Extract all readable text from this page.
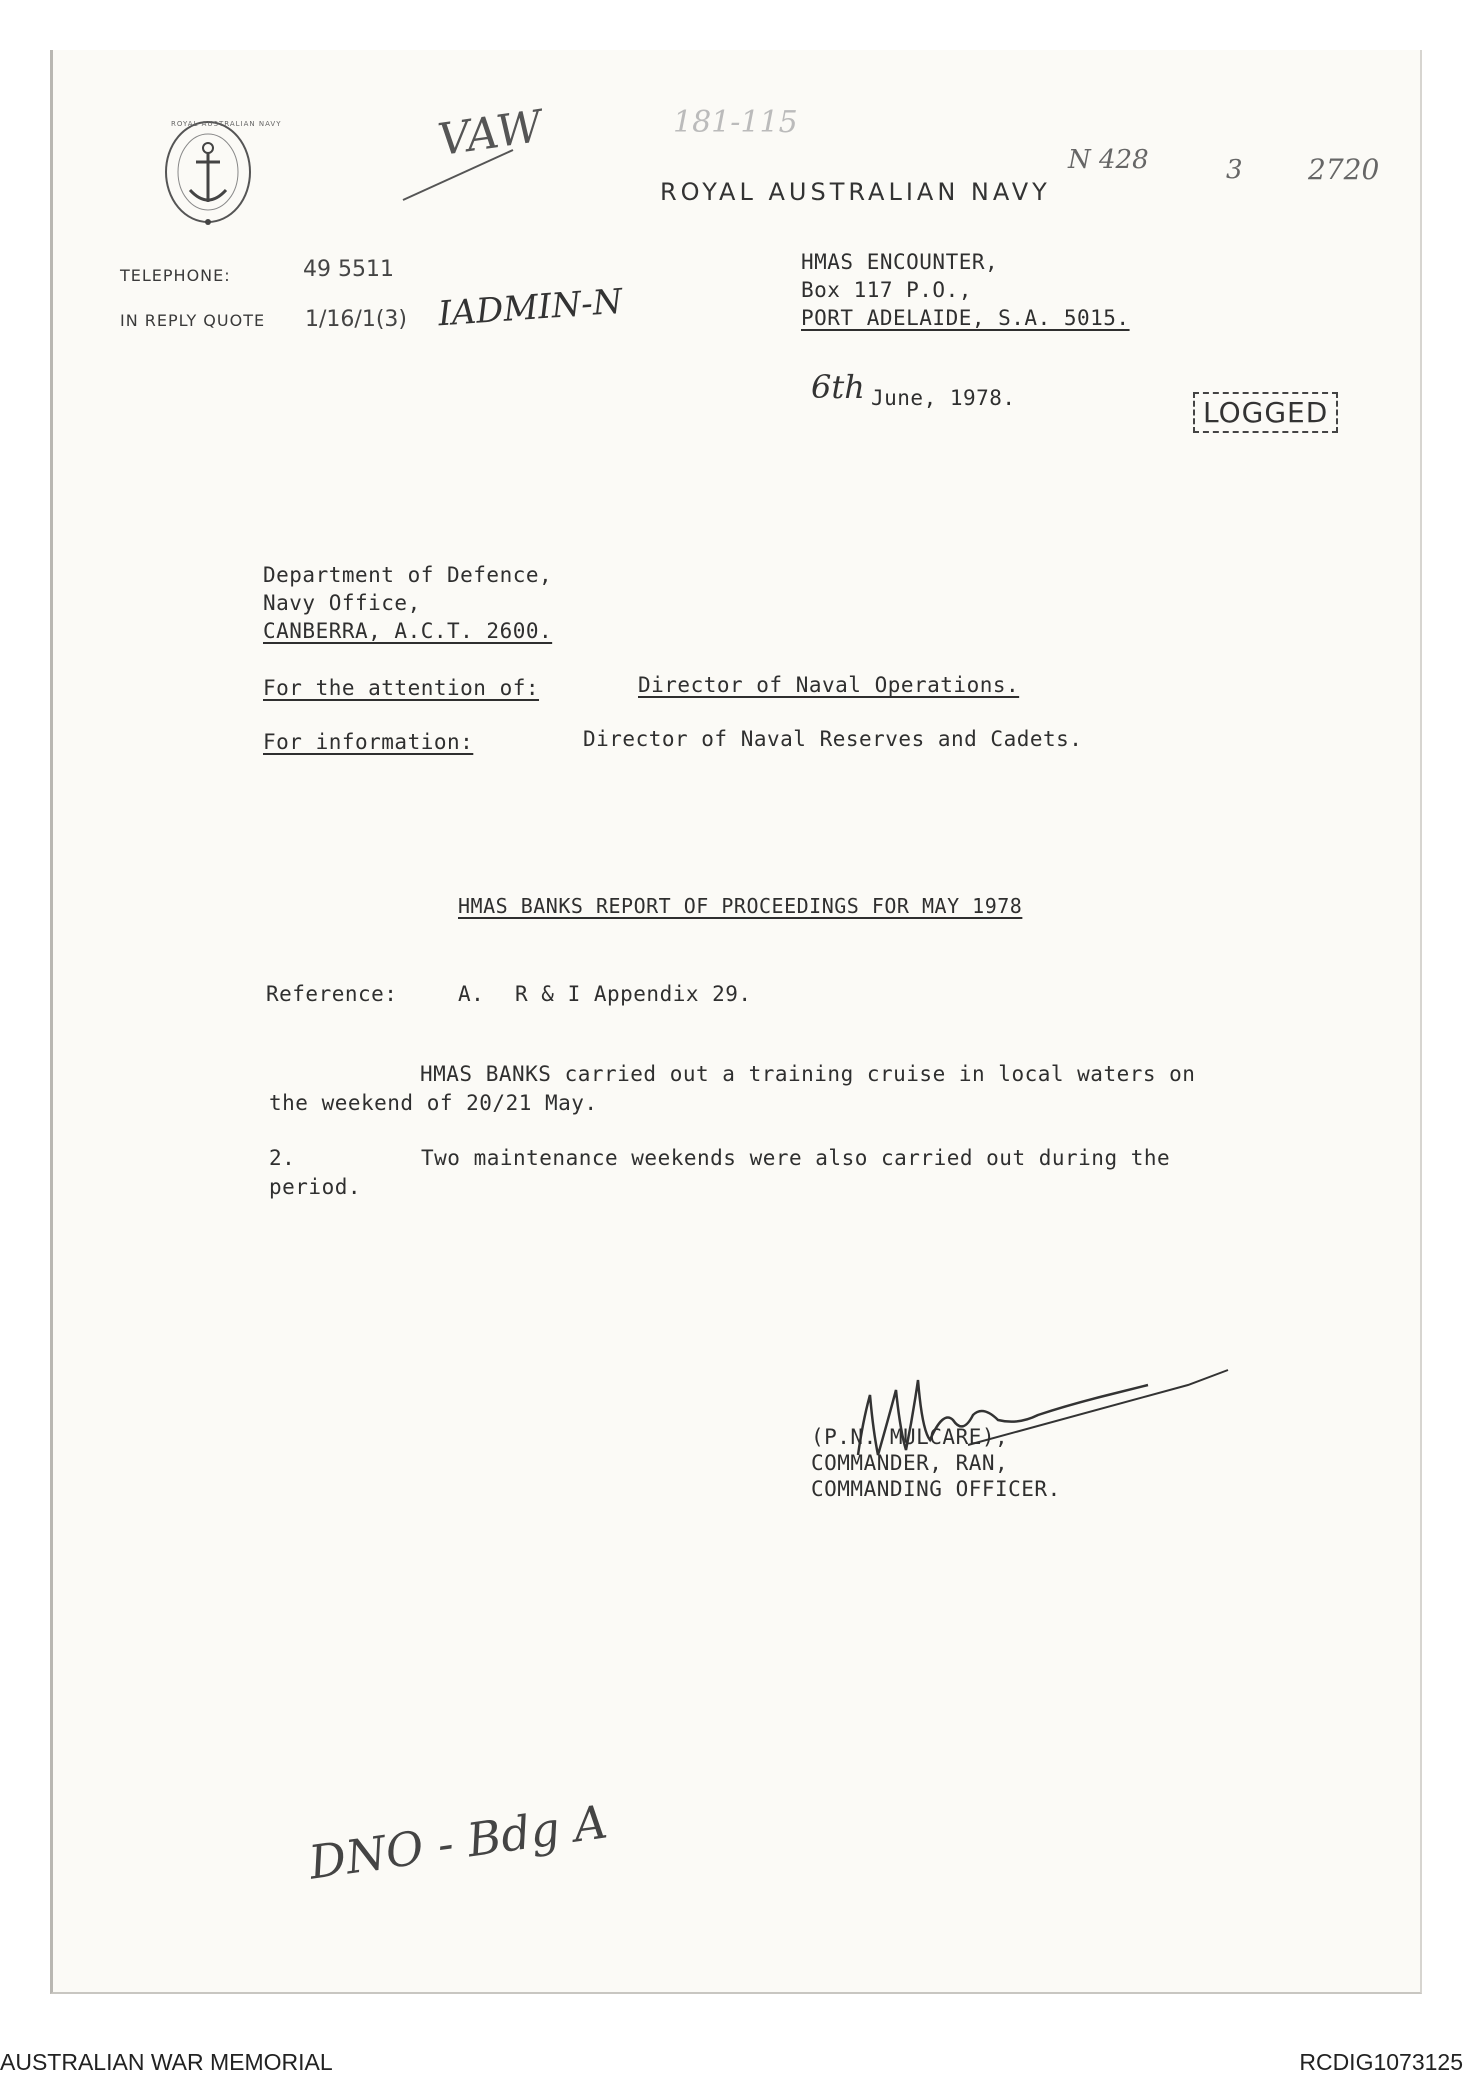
ROYAL AUSTRALIAN NAVY	VAW	181-115
ROYAL AUSTRALIAN NAVY
N 428	3 2720
TELEPHONE:	49 5511
IN REPLY QUOTE 1/16/1(3) IADMIN-N
HMAS ENCOUNTER,
Box 117 P.O.,
PORT ADELAIDE, S.A. 5015.
6th June, 1978.	LOGGED
Department of Defence,
Navy Office,
CANBERRA, A.C.T. 2600.
For the attention of:	Director of Naval Operations.
For information:	Director of Naval Reserves and Cadets.
HMAS BANKS REPORT OF PROCEEDINGS FOR MAY 1978
Reference:	A. R & I Appendix 29.
HMAS BANKS carried out a training cruise in local waters on
the weekend of 20/21 May.
2.	Two maintenance weekends were also carried out during the
period.
(P.N. MULCARE),
COMMANDER, RAN,
COMMANDING OFFICER.
DNO - Bdg A
AUSTRALIAN WAR MEMORIAL	RCDIG1073125
